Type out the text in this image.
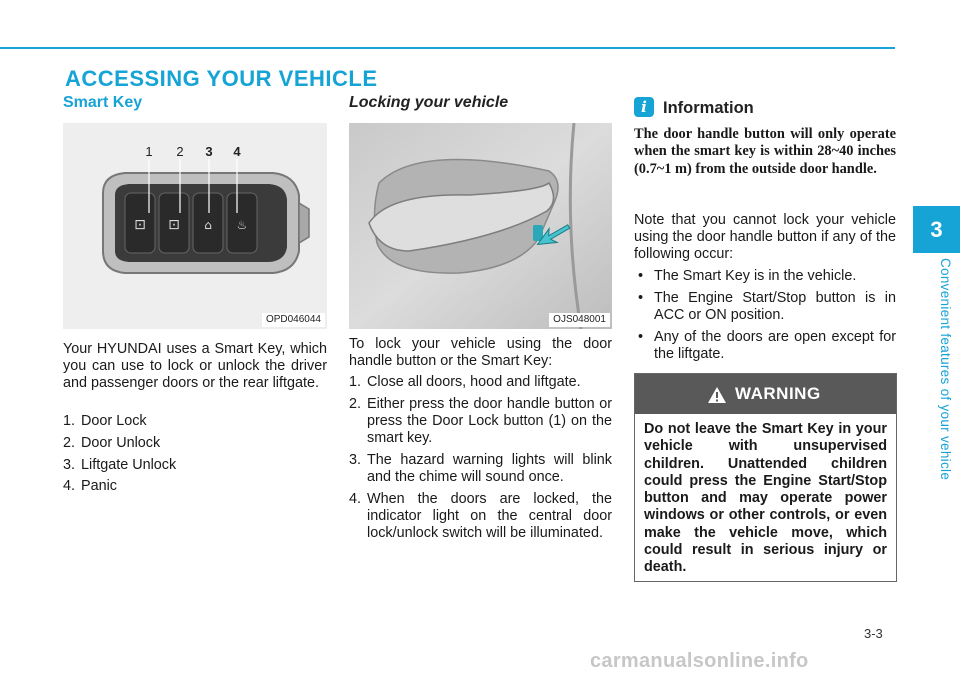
ACCESSING YOUR VEHICLE
Smart Key
⊡ ⊡ ⌂ ♨
1 2 3 4
OPD046044
Your HYUNDAI uses a Smart Key, which you can use to lock or unlock the driver and passenger doors or the rear liftgate.
1. Door Lock
2. Door Unlock
3. Liftgate Unlock
4. Panic
Locking your vehicle
OJS048001
To lock your vehicle using the door handle button or the Smart Key:
1. Close all doors, hood and liftgate.
2. Either press the door handle button or press the Door Lock button (1) on the smart key.
3. The hazard warning lights will blink and the chime will sound once.
4. When the doors are locked, the indicator light on the central door lock/unlock switch will be illuminated.
i Information
The door handle button will only operate when the smart key is within 28~40 inches (0.7~1 m) from the outside door handle.
Note that you cannot lock your vehicle using the door handle button if any of the following occur:
• The Smart Key is in the vehicle.
• The Engine Start/Stop button is in ACC or ON position.
• Any of the doors are open except for the liftgate.
WARNING
Do not leave the Smart Key in your vehicle with unsupervised children. Unattended children could press the Engine Start/Stop button and may operate power windows or other controls, or even make the vehicle move, which could result in serious injury or death.
3
Convenient features of your vehicle
3-3
carmanualsonline.info
